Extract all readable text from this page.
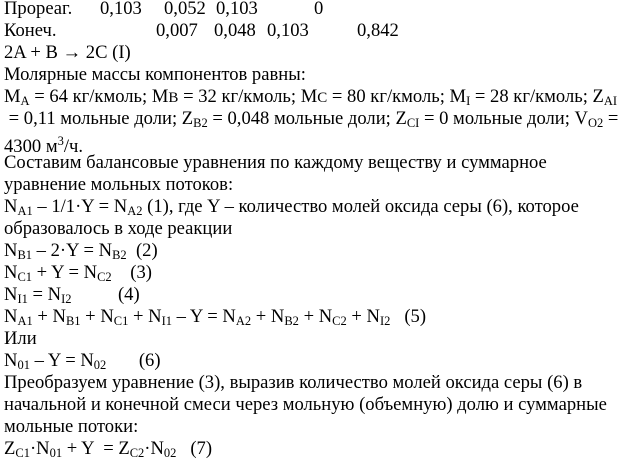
Прореаг. 0,103 0,052 0,103	0
Конеч.	0,007 0,048 0,103	0,842
2A + B → 2C (I)
Молярные массы компонентов равны:
$M_A = 64$ кг/кмоль; MB = 32 кг/кмоль; MC = 80 кг/кмоль; $M_I = 28$ кг/кмоль; $Z_{AI}$
= 0,11 мольные доли; $Z_{B2} = 0,048$ мольные доли; $Z_{CI} = 0$ мольные доли; $V_{O2}$ =
4300 $м^3/ч$.
Составим балансовые уравнения по каждому веществу и суммарное
уравнение мольных потоков:
$N_{A1} - 1/1\cdot Y = N_{A2}$ (1), где Y – количество молей оксида серы (6), которое
образовалось в ходе реакции
$N_{B1} - 2\cdot Y = N_{B2}$  (2)
$N_{C1} + Y = N_{C2}$    (3)
$N_{I1} = N_{I2}$          (4)
$N_{A1} + N_{B1} + N_{C1} + N_{I1} - Y = N_{A2} + N_{B2} + N_{C2} + N_{I2}$   (5)
Или
$N_{01} - Y = N_{02}$       (6)
Преобразуем уравнение (3), выразив количество молей оксида серы (6) в
начальной и конечной смеси через мольную (объемную) долю и суммарные
мольные потоки:
$Z_{C1}\cdot N_{01} + Y = Z_{C2}\cdot N_{02}$   (7)
